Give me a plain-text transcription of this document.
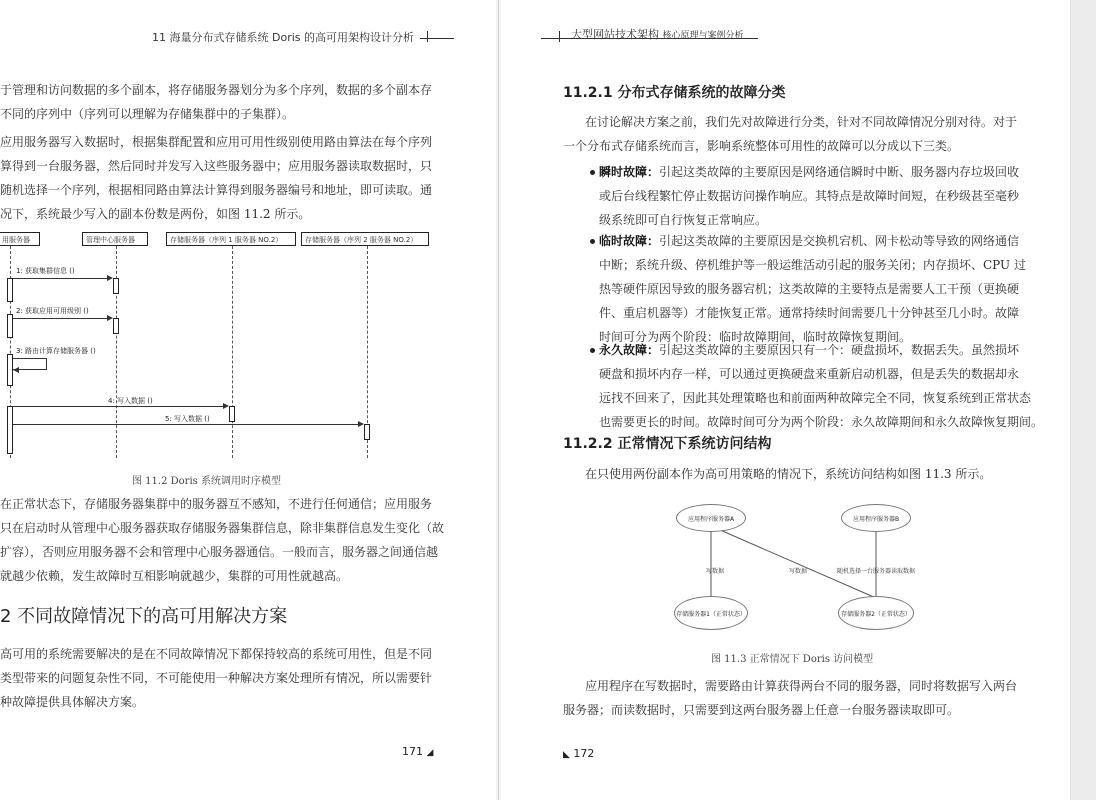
11 海量分布式存储系统 Doris 的高可用架构设计分析
于管理和访问数据的多个副本，将存储服务器划分为多个序列，数据的多个副本存
不同的序列中（序列可以理解为存储集群中的子集群）。
应用服务器写入数据时，根据集群配置和应用可用性级别使用路由算法在每个序列
算得到一台服务器，然后同时并发写入这些服务器中；应用服务器读取数据时，只
随机选择一个序列，根据相同路由算法计算得到服务器编号和地址，即可读取。通
况下，系统最少写入的副本份数是两份，如图 11.2 所示。
用服务器	管理中心服务器	存储服务器（序列 1 服务器 NO.2）	存储服务器（序列 2 服务器 NO.2）
1: 获取集群信息 ()
2: 获取应用可用级别 ()
3: 路由计算存储服务器 ()
4: 写入数据 ()
5: 写入数据 ()
图 11.2 Doris 系统调用时序模型
在正常状态下，存储服务器集群中的服务器互不感知，不进行任何通信；应用服务
只在启动时从管理中心服务器获取存储服务器集群信息，除非集群信息发生变化（故
扩容），否则应用服务器不会和管理中心服务器通信。一般而言，服务器之间通信越
就越少依赖，发生故障时互相影响就越少，集群的可用性就越高。
2 不同故障情况下的高可用解决方案
高可用的系统需要解决的是在不同故障情况下都保持较高的系统可用性，但是不同
类型带来的问题复杂性不同，不可能使用一种解决方案处理所有情况，所以需要针
种故障提供具体解决方案。
171 ◢
大型网站技术架构 核心原理与案例分析
11.2.1 分布式存储系统的故障分类
在讨论解决方案之前，我们先对故障进行分类，针对不同故障情况分别对待。对于
一个分布式存储系统而言，影响系统整体可用性的故障可以分成以下三类。
瞬时故障：引起这类故障的主要原因是网络通信瞬时中断、服务器内存垃圾回收
或后台线程繁忙停止数据访问操作响应。其特点是故障时间短，在秒级甚至毫秒
级系统即可自行恢复正常响应。
临时故障：引起这类故障的主要原因是交换机宕机、网卡松动等导致的网络通信
中断；系统升级、停机维护等一般运维活动引起的服务关闭；内存损坏、CPU 过
热等硬件原因导致的服务器宕机；这类故障的主要特点是需要人工干预（更换硬
件、重启机器等）才能恢复正常。通常持续时间需要几十分钟甚至几小时。故障
时间可分为两个阶段：临时故障期间，临时故障恢复期间。
永久故障：引起这类故障的主要原因只有一个：硬盘损坏，数据丢失。虽然损坏
硬盘和损坏内存一样，可以通过更换硬盘来重新启动机器，但是丢失的数据却永
远找不回来了，因此其处理策略也和前面两种故障完全不同，恢复系统到正常状态
也需要更长的时间。故障时间可分为两个阶段：永久故障期间和永久故障恢复期间。
11.2.2 正常情况下系统访问结构
在只使用两份副本作为高可用策略的情况下，系统访问结构如图 11.3 所示。
应用程序服务器A	应用程序服务器B
存储服务器1（正常状态）	存储服务器2（正常状态）
写数据	写数据	随机选择一台服务器读取数据
图 11.3 正常情况下 Doris 访问模型
应用程序在写数据时，需要路由计算获得两台不同的服务器，同时将数据写入两台
服务器；而读数据时，只需要到这两台服务器上任意一台服务器读取即可。
◣ 172
